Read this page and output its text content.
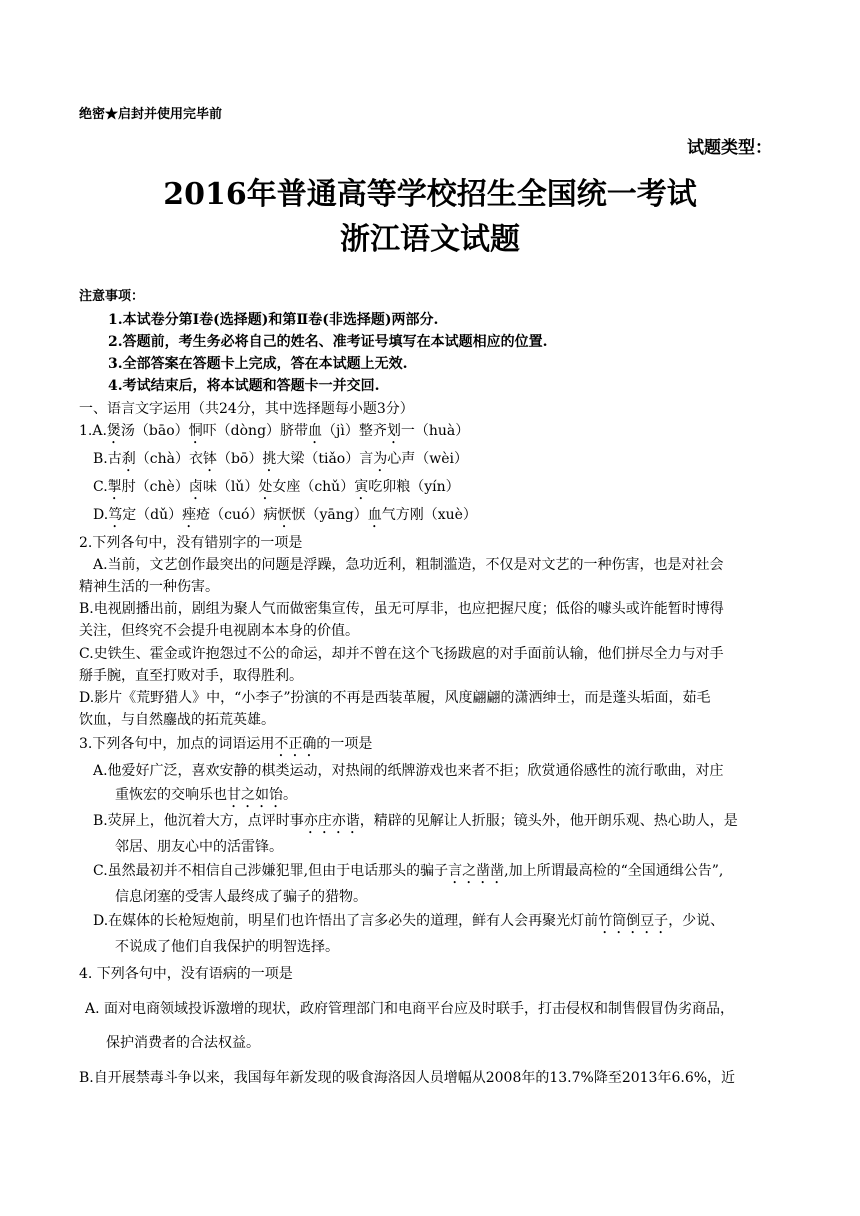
绝密★启封并使用完毕前
试题类型：
2016年普通高等学校招生全国统一考试
浙江语文试题
注意事项：
1.本试卷分第Ⅰ卷(选择题)和第Ⅱ卷(非选择题)两部分.
2.答题前，考生务必将自己的姓名、准考证号填写在本试题相应的位置.
3.全部答案在答题卡上完成，答在本试题上无效.
4.考试结束后，将本试题和答题卡一并交回.
一、语言文字运用（共24分，其中选择题每小题3分）
1.A.煲汤（bāo）恫吓（dòng）脐带血（jì）整齐划一（huà）
B.古刹（chà）衣钵（bō）挑大梁（tiǎo）言为心声（wèi）
C.掣肘（chè）卤味（lǔ）处女座（chǔ）寅吃卯粮（yín）
D.笃定（dǔ）痤疮（cuó）病恹恹（yāng）血气方刚（xuè）
2.下列各句中，没有错别字的一项是
A.当前，文艺创作最突出的问题是浮躁，急功近利，粗制滥造，不仅是对文艺的一种伤害，也是对社会
精神生活的一种伤害。
B.电视剧播出前，剧组为聚人气而做密集宣传，虽无可厚非，也应把握尺度；低俗的噱头或许能暂时博得
关注，但终究不会提升电视剧本本身的价值。
C.史铁生、霍金或许抱怨过不公的命运，却并不曾在这个飞扬跋扈的对手面前认输，他们拼尽全力与对手
掰手腕，直至打败对手，取得胜利。
D.影片《荒野猎人》中，“小李子”扮演的不再是西装革履，风度翩翩的潇洒绅士，而是蓬头垢面，茹毛
饮血，与自然鏖战的拓荒英雄。
3.下列各句中，加点的词语运用不正确的一项是
A.他爱好广泛，喜欢安静的棋类运动，对热闹的纸牌游戏也来者不拒；欣赏通俗感性的流行歌曲，对庄
重恢宏的交响乐也甘之如饴。
B.荧屏上，他沉着大方，点评时事亦庄亦谐，精辟的见解让人折服；镜头外，他开朗乐观、热心助人，是
邻居、朋友心中的活雷锋。
C.虽然最初并不相信自己涉嫌犯罪,但由于电话那头的骗子言之凿凿,加上所谓最高检的“全国通缉公告”,
信息闭塞的受害人最终成了骗子的猎物。
D.在媒体的长枪短炮前，明星们也许悟出了言多必失的道理，鲜有人会再聚光灯前竹筒倒豆子，少说、
不说成了他们自我保护的明智选择。
4. 下列各句中，没有语病的一项是
A. 面对电商领域投诉激增的现状，政府管理部门和电商平台应及时联手，打击侵权和制售假冒伪劣商品，
保护消费者的合法权益。
B.自开展禁毒斗争以来，我国每年新发现的吸食海洛因人员增幅从2008年的13.7%降至2013年6.6%，近
